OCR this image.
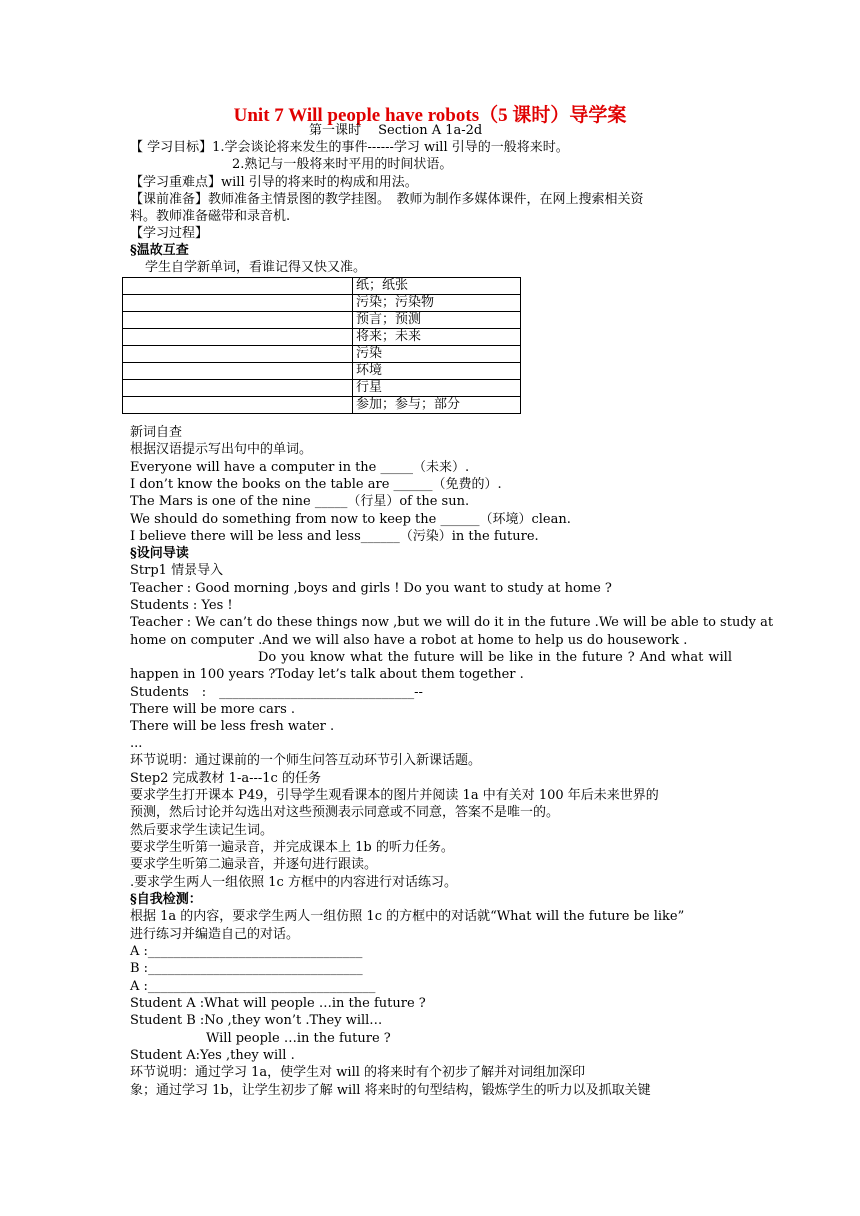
Unit 7 Will people have robots（5 课时）导学案
第一课时　 Section A 1a-2d
【 学习目标】1.学会谈论将来发生的事件------学习 will 引导的一般将来时。
2.熟记与一般将来时平用的时间状语。
【学习重难点】will 引导的将来时的构成和用法。
【课前准备】教师准备主情景图的教学挂图。　教师为制作多媒体课件，在网上搜索相关资
料。教师准备磁带和录音机.
【学习过程】
§温故互查
学生自学新单词，看谁记得又快又准。
	纸；纸张
	污染；污染物
	预言；预测
	将来；未来
	污染
	环境
	行星
	参加；参与；部分
新词自查
根据汉语提示写出句中的单词。
Everyone will have a computer in the _____（未来）.
I don’t know the books on the table are ______（免费的）.
The Mars is one of the nine _____（行星）of the sun.
We should do something from now to keep the ______（环境）clean.
I believe there will be less and less______（污染）in the future.
§设问导读
Strp1 情景导入
Teacher : Good morning ,boys and girls ! Do you want to study at home ?
Students : Yes !
Teacher : We can’t do these things now ,but we will do it in the future .We will be able to study at
home on computer .And we will also have a robot at home to help us do housework .
Do you know what the future will be like in the future ? And what will
happen in 100 years ?Today let’s talk about them together .
Students　:　______________________________--
There will be more cars .
There will be less fresh water .
...
环节说明：通过课前的一个师生问答互动环节引入新课话题。
Step2 完成教材 1-a---1c 的任务
要求学生打开课本 P49，引导学生观看课本的图片并阅读 1a 中有关对 100 年后未来世界的
预测，然后讨论并勾选出对这些预测表示同意或不同意，答案不是唯一的。
然后要求学生读记生词。
要求学生听第一遍录音，并完成课本上 1b 的听力任务。
要求学生听第二遍录音，并逐句进行跟读。
.要求学生两人一组依照 1c 方框中的内容进行对话练习。
§自我检测：
根据 1a 的内容，要求学生两人一组仿照 1c 的方框中的对话就“What will the future be like”
进行练习并编造自己的对话。
A :_________________________________
B :_________________________________
A :___________________________________
Student A :What will people …in the future ?
Student B :No ,they won’t .They will…
Will people …in the future ?
Student A:Yes ,they will .
环节说明：通过学习 1a，使学生对 will 的将来时有个初步了解并对词组加深印
象；通过学习 1b，让学生初步了解 will 将来时的句型结构，锻炼学生的听力以及抓取关键
